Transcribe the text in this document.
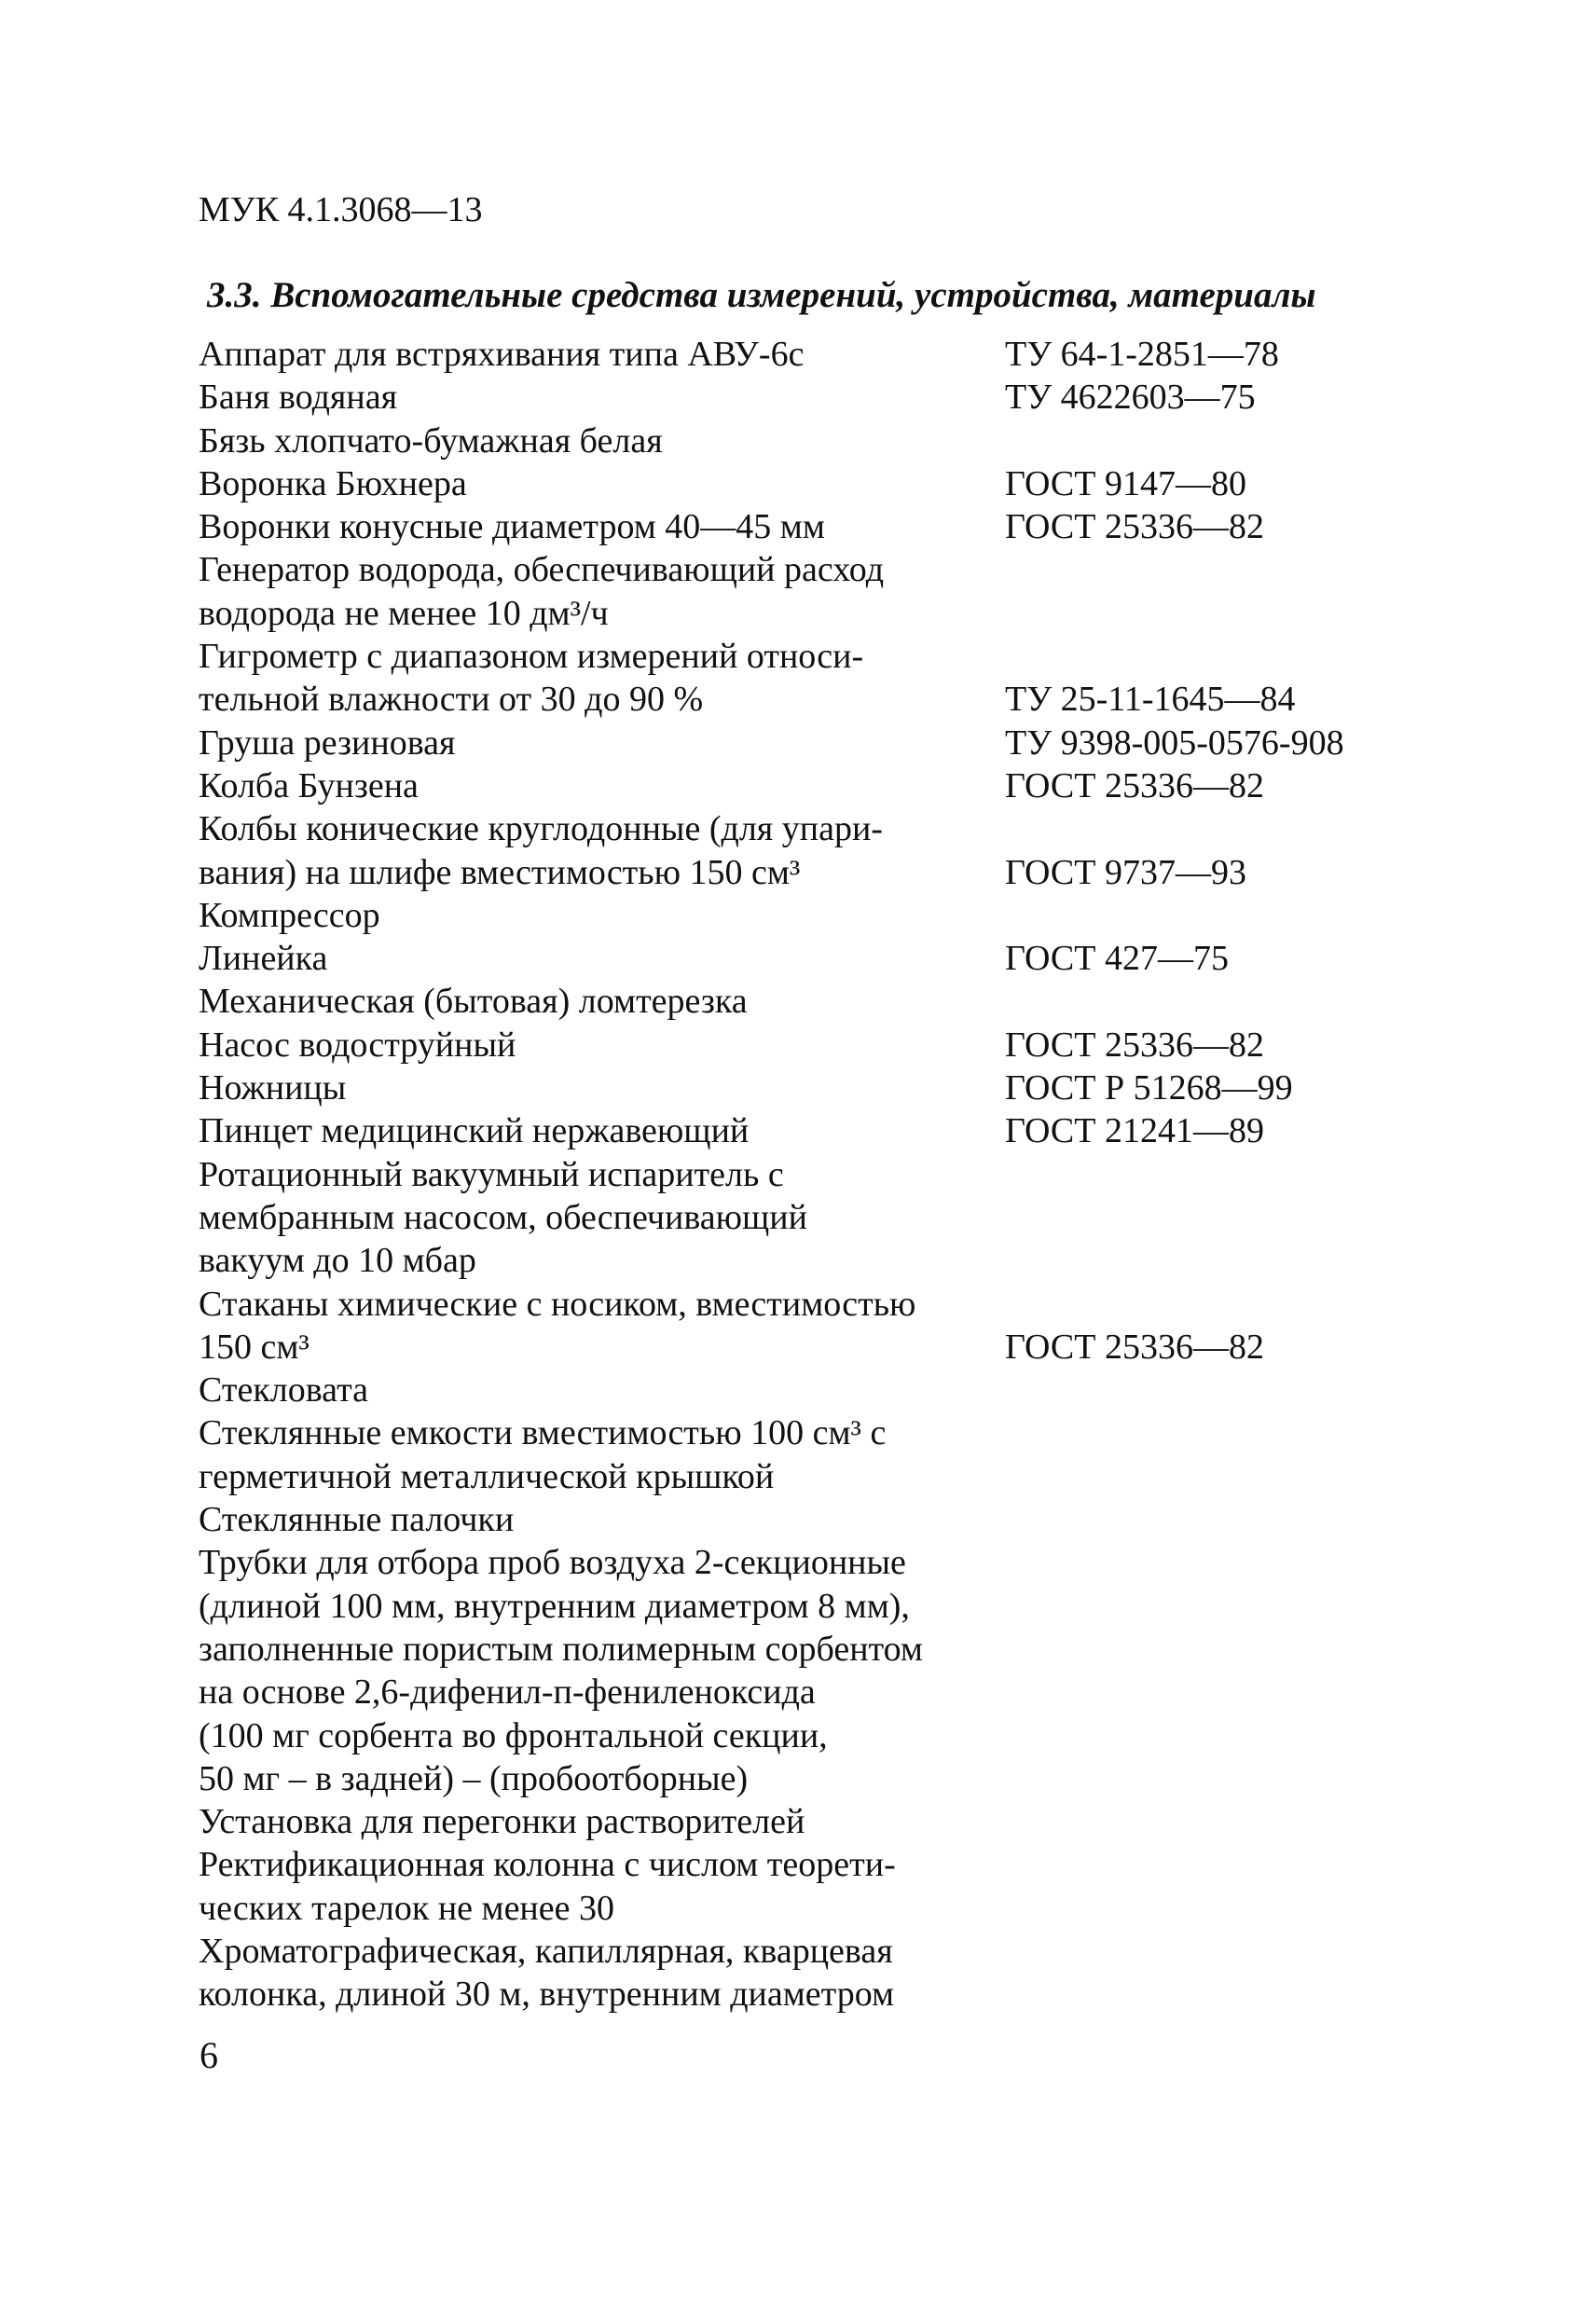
МУК 4.1.3068—13
3.3. Вспомогательные средства измерений, устройства, материалы
Аппарат для встряхивания типа АВУ-6с	ТУ 64-1-2851—78
Баня водяная	ТУ 4622603—75
Бязь хлопчато-бумажная белая
Воронка Бюхнера	ГОСТ 9147—80
Воронки конусные диаметром 40—45 мм	ГОСТ 25336—82
Генератор водорода, обеспечивающий расход
водорода не менее 10 дм³/ч
Гигрометр с диапазоном измерений относи-
тельной влажности от 30 до 90 %	ТУ 25-11-1645—84
Груша резиновая	ТУ 9398-005-0576-908
Колба Бунзена	ГОСТ 25336—82
Колбы конические круглодонные (для упари-
вания) на шлифе вместимостью 150 см³	ГОСТ 9737—93
Компрессор
Линейка	ГОСТ 427—75
Механическая (бытовая) ломтерезка
Насос водоструйный	ГОСТ 25336—82
Ножницы	ГОСТ Р 51268—99
Пинцет медицинский нержавеющий	ГОСТ 21241—89
Ротационный вакуумный испаритель с
мембранным насосом, обеспечивающий
вакуум до 10 мбар
Стаканы химические с носиком, вместимостью
150 см³	ГОСТ 25336—82
Стекловата
Стеклянные емкости вместимостью 100 см³ с
герметичной металлической крышкой
Стеклянные палочки
Трубки для отбора проб воздуха 2-секционные
(длиной 100 мм, внутренним диаметром 8 мм),
заполненные пористым полимерным сорбентом
на основе 2,6-дифенил-п-фениленоксида
(100 мг сорбента во фронтальной секции,
50 мг – в задней) – (пробоотборные)
Установка для перегонки растворителей
Ректификационная колонна с числом теорети-
ческих тарелок не менее 30
Хроматографическая, капиллярная, кварцевая
колонка, длиной 30 м, внутренним диаметром
6
